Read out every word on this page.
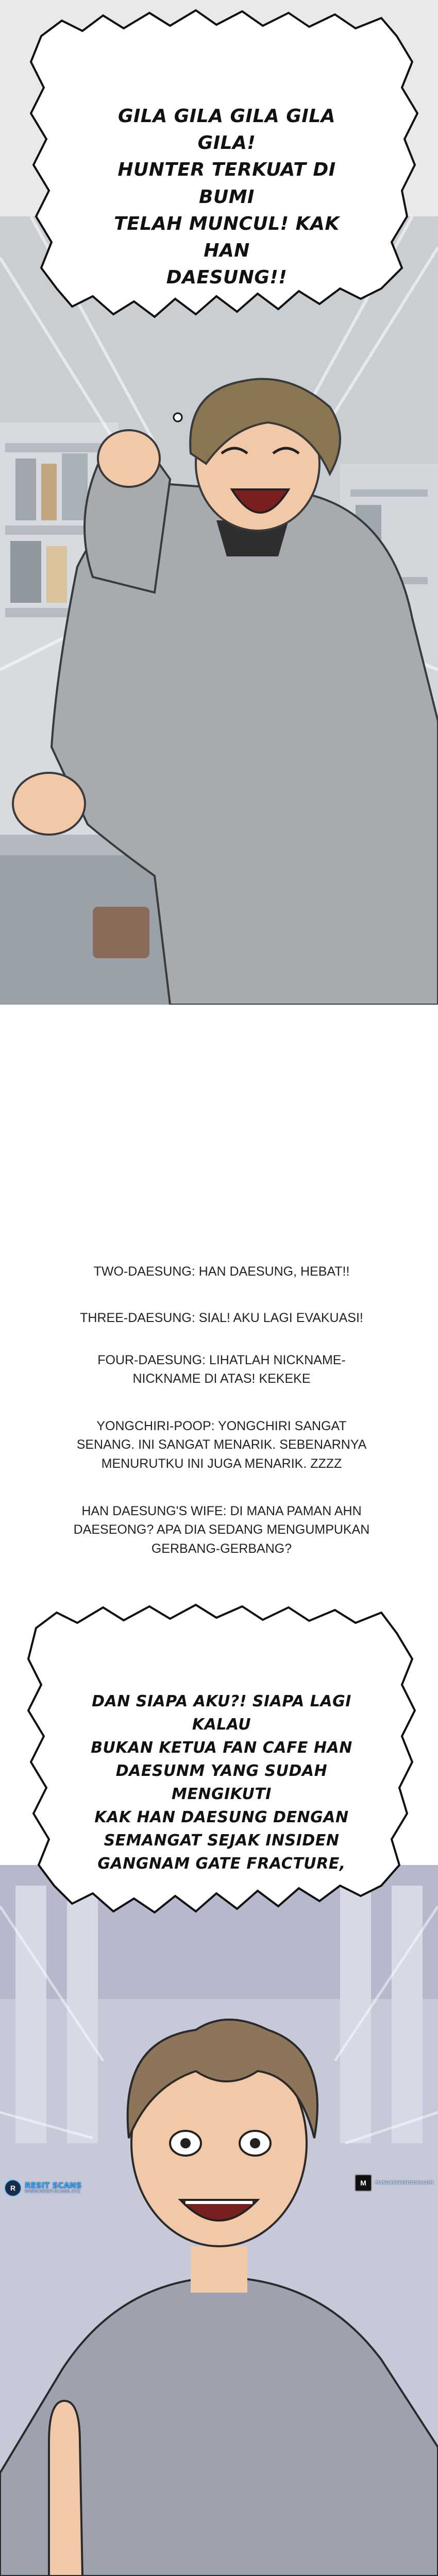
GILA GILA GILA GILA GILA!
HUNTER TERKUAT DI BUMI
TELAH MUNCUL! KAK HAN
DAESUNG!!
TWO-DAESUNG: HAN DAESUNG, HEBAT!!
THREE-DAESUNG: SIAL! AKU LAGI EVAKUASI!
FOUR-DAESUNG: LIHATLAH NICKNAME-NICKNAME DI ATAS! KEKEKE
YONGCHIRI-POOP: YONGCHIRI SANGAT SENANG. INI SANGAT MENARIK. SEBENARNYA MENURUTKU INI JUGA MENARIK. ZZZZ
HAN DAESUNG'S WIFE: DI MANA PAMAN AHN DAESEONG? APA DIA SEDANG MENGUMPUKAN GERBANG-GERBANG?
DAN SIAPA AKU?! SIAPA LAGI KALAU
BUKAN KETUA FAN CAFE HAN
DAESUNM YANG SUDAH MENGIKUTI
KAK HAN DAESUNG DENGAN
SEMANGAT SEJAK INSIDEN
GANGNAM GATE FRACTURE,
R	RESIT SCANS
WWW.RESIT-SCANS.XYZ
M	MANGANEWSTODAY.COM
